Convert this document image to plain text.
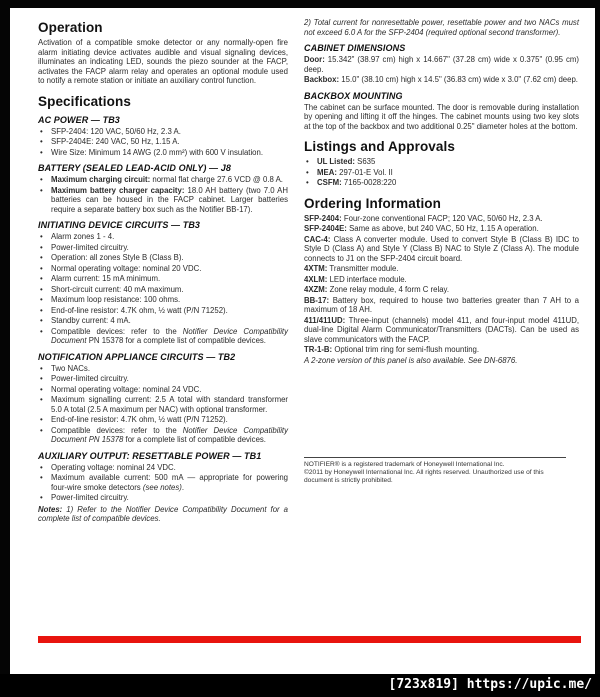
Operation

Activation of a compatible smoke detector or any normally-open fire alarm initiating device activates audible and visual signaling devices, illuminates an indicating LED, sounds the piezo sounder at the FACP, activates the FACP alarm relay and operates an optional module used to notify a remote station or initiate an auxiliary control function.

Specifications
AC POWER — TB3
•	SFP-2404: 120 VAC, 50/60 Hz, 2.3 A.
•	SFP-2404E: 240 VAC, 50 Hz, 1.15 A.
•	Wire Size: Minimum 14 AWG (2.0 mm²) with 600 V insulation.
BATTERY (SEALED LEAD-ACID ONLY) — J8
•	Maximum charging circuit: normal flat charge 27.6 VCD @ 0.8 A.
•	Maximum battery charger capacity: 18.0 AH battery (two 7.0 AH batteries can be housed in the FACP cabinet. Larger batteries require a separate battery box such as the Notifier BB-17).
INITIATING DEVICE CIRCUITS — TB3
•	Alarm zones 1 - 4.
•	Power-limited circuitry.
•	Operation: all zones Style B (Class B).
•	Normal operating voltage: nominal 20 VDC.
•	Alarm current: 15 mA minimum.
•	Short-circuit current: 40 mA maximum.
•	Maximum loop resistance: 100 ohms.
•	End-of-line resistor: 4.7K ohm, ½ watt (P/N 71252).
•	Standby current: 4 mA.
•	Compatible devices: refer to the Notifier Device Compatibility Document PN 15378 for a complete list of compatible devices.
NOTIFICATION APPLIANCE CIRCUITS — TB2
•	Two NACs.
•	Power-limited circuitry.
•	Normal operating voltage: nominal 24 VDC.
•	Maximum signalling current: 2.5 A total with standard transformer 5.0 A total (2.5 A maximum per NAC) with optional transformer.
•	End-of-line resistor: 4.7K ohm, ½ watt (P/N 71252).
•	Compatible devices: refer to the Notifier Device Compatibility Document PN 15378 for a complete list of compatible devices.
AUXILIARY OUTPUT: RESETTABLE POWER — TB1
•	Operating voltage: nominal 24 VDC.
•	Maximum available current: 500 mA — appropriate for powering four-wire smoke detectors (see notes).
•	Power-limited circuitry.

Notes: 1) Refer to the Notifier Device Compatibility Document for a complete list of compatible devices.

2) Total current for nonresettable power, resettable power and two NACs must not exceed 6.0 A for the SFP-2404 (required optional second transformer).

CABINET DIMENSIONS
Door: 15.342" (38.97 cm) high x 14.667" (37.28 cm) wide x 0.375" (0.95 cm) deep.
Backbox: 15.0" (38.10 cm) high x 14.5" (36.83 cm) wide x 3.0" (7.62 cm) deep.
BACKBOX MOUNTING

The cabinet can be surface mounted. The door is removable during installation by opening and lifting it off the hinges. The cabinet mounts using two key slots at the top of the backbox and two additional 0.25" diameter holes at the bottom.

Listings and Approvals
•	UL Listed: S635
•	MEA: 297-01-E Vol. II
•	CSFM: 7165-0028:220
Ordering Information
SFP-2404: Four-zone conventional FACP; 120 VAC, 50/60 Hz, 2.3 A.
SFP-2404E: Same as above, but 240 VAC, 50 Hz, 1.15 A operation.
CAC-4: Class A converter module. Used to convert Style B (Class B) IDC to Style D (Class A) and Style Y (Class B) NAC to Style Z (Class A). The module connects to J1 on the SFP-2404 circuit board.
4XTM: Transmitter module.
4XLM: LED interface module.
4XZM: Zone relay module, 4 form C relay.
BB-17: Battery box, required to house two batteries greater than 7 AH to a maximum of 18 AH.
411/411UD: Three-input (channels) model 411, and four-input model 411UD, dual-line Digital Alarm Communicator/Transmitters (DACTs). Can be used as slave communicators with the FACP.
TR-1-B: Optional trim ring for semi-flush mounting.
A 2-zone version of this panel is also available. See DN-6876.

NOTIFIER® is a registered trademark of Honeywell International Inc.

©2011 by Honeywell International Inc. All rights reserved. Unauthorized use of this document is strictly prohibited.

[723x819] https://upic.me/
